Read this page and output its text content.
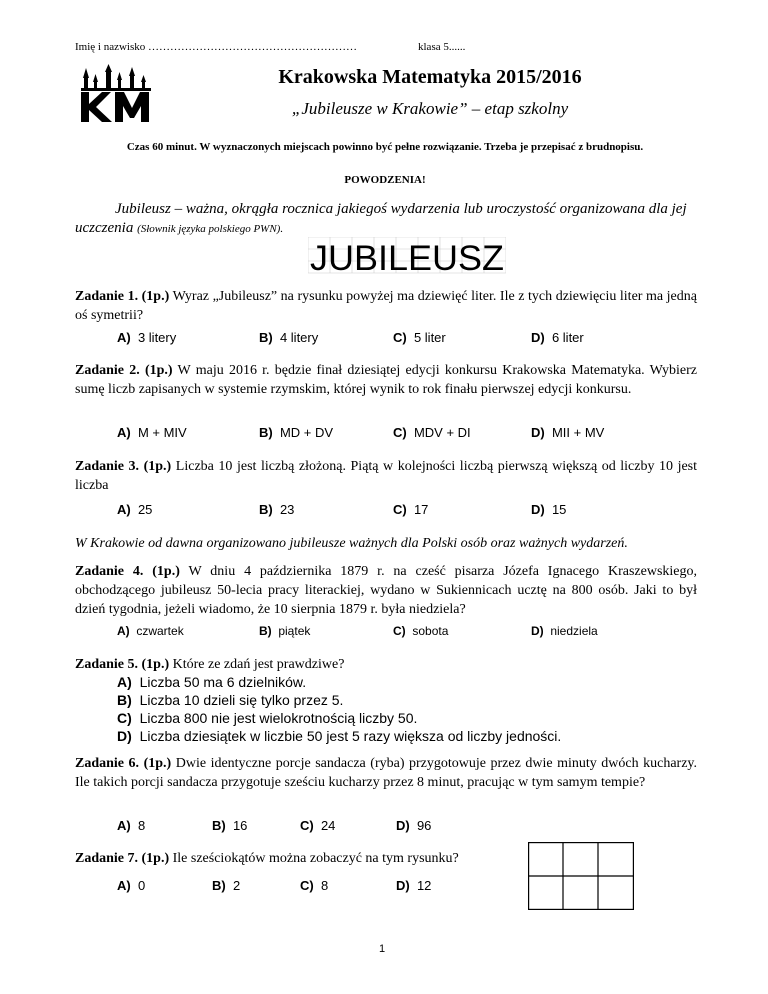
Imię i nazwisko …………………………………………………	klasa 5......
Krakowska Matematyka 2015/2016
„Jubileusze w Krakowie” – etap szkolny
Czas 60 minut. W wyznaczonych miejscach powinno być pełne rozwiązanie. Trzeba je przepisać z brudnopisu.
POWODZENIA!
Jubileusz – ważna, okrągła rocznica jakiegoś wydarzenia lub uroczystość organizowana dla jej uczczenia (Słownik języka polskiego PWN).
JUBILEUSZ
Zadanie 1. (1p.) Wyraz „Jubileusz” na rysunku powyżej ma dziewięć liter. Ile z tych dziewięciu liter ma jedną oś symetrii?
A) 3 litery	B) 4 litery	C) 5 liter	D) 6 liter
Zadanie 2. (1p.) W maju 2016 r. będzie finał dziesiątej edycji konkursu Krakowska Matematyka. Wybierz sumę liczb zapisanych w systemie rzymskim, której wynik to rok finału pierwszej edycji konkursu.
A) M + MIV	B) MD + DV	C) MDV + DI	D) MII + MV
Zadanie 3. (1p.) Liczba 10 jest liczbą złożoną. Piątą w kolejności liczbą pierwszą większą od liczby 10 jest liczba
A) 25	B) 23	C) 17	D) 15
W Krakowie od dawna organizowano jubileusze ważnych dla Polski osób oraz ważnych wydarzeń.
Zadanie 4. (1p.) W dniu 4 października 1879 r. na cześć pisarza Józefa Ignacego Kraszewskiego, obchodzącego jubileusz 50-lecia pracy literackiej, wydano w Sukiennicach ucztę na 800 osób. Jaki to był dzień tygodnia, jeżeli wiadomo, że 10 sierpnia 1879 r. była niedziela?
A) czwartek	B) piątek	C) sobota	D) niedziela
Zadanie 5. (1p.) Które ze zdań jest prawdziwe?
A) Liczba 50 ma 6 dzielników.
B) Liczba 10 dzieli się tylko przez 5.
C) Liczba 800 nie jest wielokrotnością liczby 50.
D) Liczba dziesiątek w liczbie 50 jest 5 razy większa od liczby jedności.
Zadanie 6. (1p.) Dwie identyczne porcje sandacza (ryba) przygotowuje przez dwie minuty dwóch kucharzy. Ile takich porcji sandacza przygotuje sześciu kucharzy przez 8 minut, pracując w tym samym tempie?
A) 8	B) 16	C) 24	D) 96
Zadanie 7. (1p.) Ile sześciokątów można zobaczyć na tym rysunku?
A) 0	B) 2	C) 8	D) 12
1
